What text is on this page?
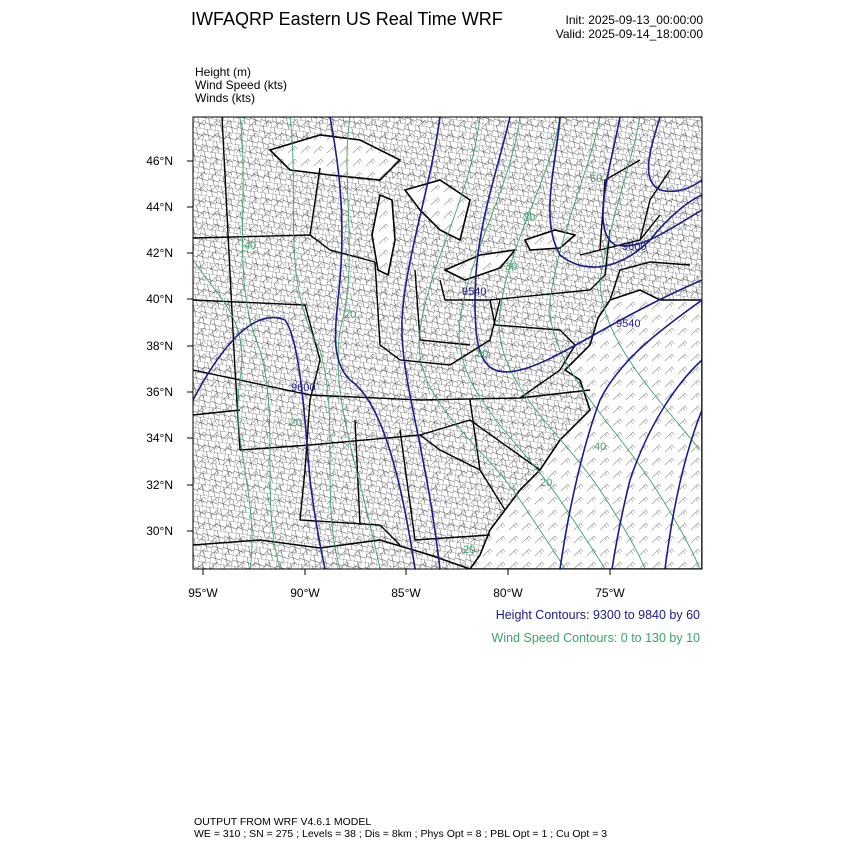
IWFAQRP Eastern US Real Time WRF	Init: 2025-09-13_00:00:00
Valid: 2025-09-14_18:00:00
Height (m)
Wind Speed (kts)
Winds (kts)
9540
9540
9600
9600
30
40
20
20
30
40
60
20
30
20
46°N
44°N
42°N
40°N
38°N
36°N
34°N
32°N
30°N
95°W	90°W	85°W	80°W	75°W
Height Contours: 9300 to 9840 by 60
Wind Speed Contours: 0 to 130 by 10
OUTPUT FROM WRF V4.6.1 MODEL
WE = 310 ; SN = 275 ; Levels = 38 ; Dis = 8km ; Phys Opt = 8 ; PBL Opt = 1 ; Cu Opt = 3
